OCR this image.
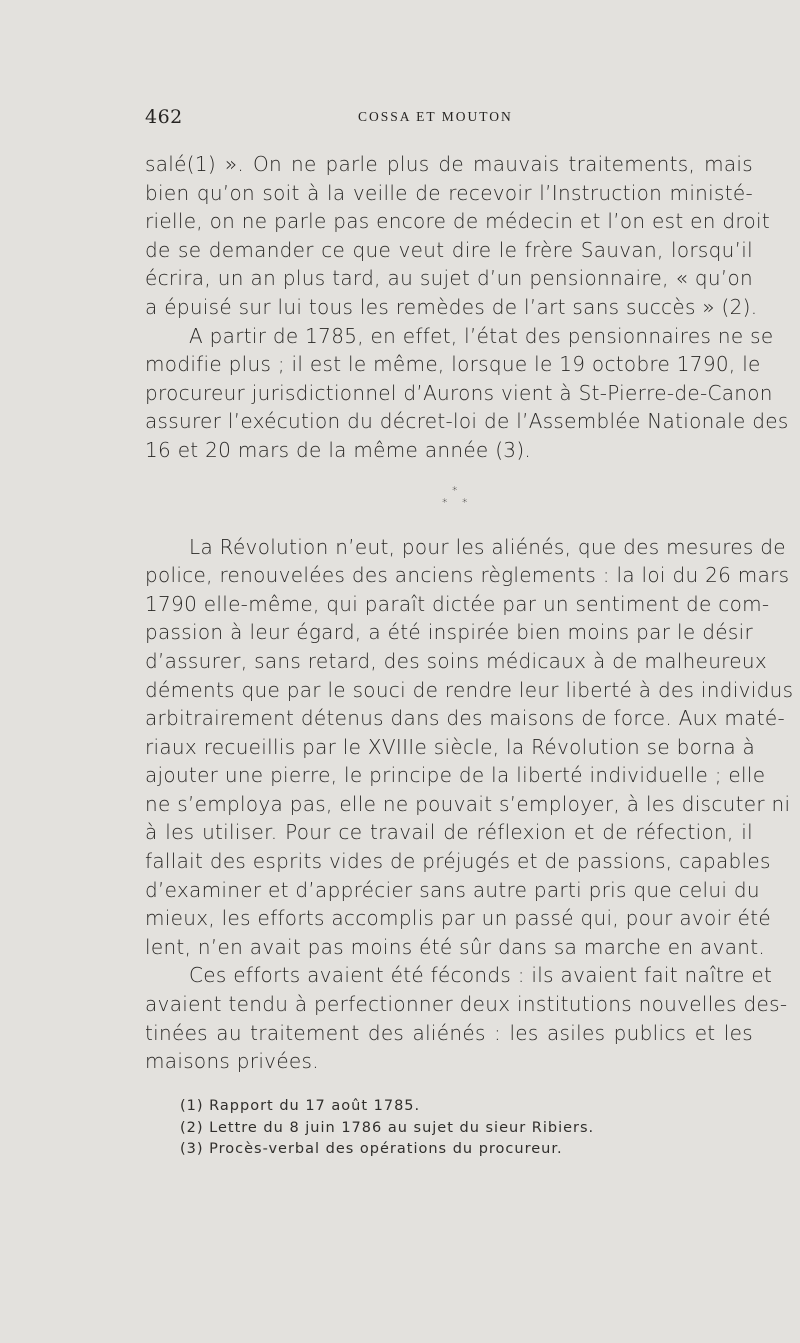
462	COSSA ET MOUTON
salé(1) ». On ne parle plus de mauvais traitements, mais
bien qu’on soit à la veille de recevoir l’Instruction ministé-
rielle, on ne parle pas encore de médecin et l’on est en droit
de se demander ce que veut dire le frère Sauvan, lorsqu’il
écrira, un an plus tard, au sujet d’un pensionnaire, « qu’on
a épuisé sur lui tous les remèdes de l’art sans succès » (2).
A partir de 1785, en effet, l’état des pensionnaires ne se
modifie plus ; il est le même, lorsque le 19 octobre 1790, le
procureur jurisdictionnel d’Aurons vient à St-Pierre-de-Canon
assurer l’exécution du décret-loi de l’Assemblée Nationale des
16 et 20 mars de la même année (3).
*
* *
La Révolution n’eut, pour les aliénés, que des mesures de
police, renouvelées des anciens règlements : la loi du 26 mars
1790 elle-même, qui paraît dictée par un sentiment de com-
passion à leur égard, a été inspirée bien moins par le désir
d’assurer, sans retard, des soins médicaux à de malheureux
déments que par le souci de rendre leur liberté à des individus
arbitrairement détenus dans des maisons de force. Aux maté-
riaux recueillis par le XVIIIe siècle, la Révolution se borna à
ajouter une pierre, le principe de la liberté individuelle ; elle
ne s’employa pas, elle ne pouvait s’employer, à les discuter ni
à les utiliser. Pour ce travail de réflexion et de réfection, il
fallait des esprits vides de préjugés et de passions, capables
d’examiner et d’apprécier sans autre parti pris que celui du
mieux, les efforts accomplis par un passé qui, pour avoir été
lent, n’en avait pas moins été sûr dans sa marche en avant.
Ces efforts avaient été féconds : ils avaient fait naître et
avaient tendu à perfectionner deux institutions nouvelles des-
tinées au traitement des aliénés : les asiles publics et les
maisons privées.
(1) Rapport du 17 août 1785.
(2) Lettre du 8 juin 1786 au sujet du sieur Ribiers.
(3) Procès-verbal des opérations du procureur.
